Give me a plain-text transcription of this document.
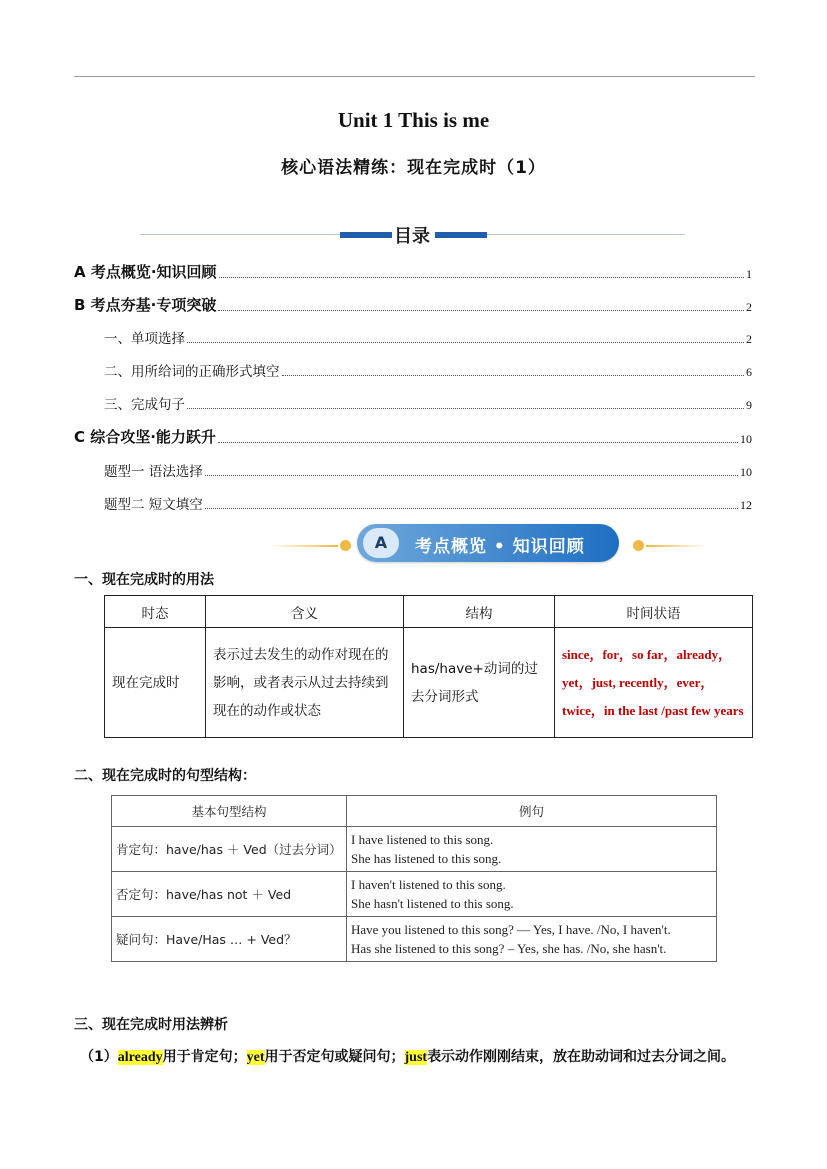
Unit 1 This is me
核心语法精练：现在完成时（1）
目录
A 考点概览·知识回顾	1
B 考点夯基·专项突破	2
一、单项选择	2
二、用所给词的正确形式填空	6
三、完成句子	9
C 综合攻坚·能力跃升	10
题型一 语法选择	10
题型二 短文填空	12
A	考点概览 • 知识回顾
一、现在完成时的用法
时态	含义	结构	时间状语
现在完成时	表示过去发生的动作对现在的影响，或者表示从过去持续到现在的动作或状态	has/have+动词的过去分词形式	since，for，so far，already，yet，just, recently，ever，twice，in the last /past few years
二、现在完成时的句型结构：
基本句型结构	例句
肯定句：have/has ＋ Ved（过去分词）	I have listened to this song.
She has listened to this song.

否定句：have/has not ＋ Ved	I haven't listened to this song.
She hasn't listened to this song.

疑问句：Have/Has … + Ved？	Have you listened to this song? — Yes, I have. /No, I haven't.
Has she listened to this song? – Yes, she has. /No, she hasn't.
三、现在完成时用法辨析
（1）already用于肯定句；yet用于否定句或疑问句；just表示动作刚刚结束，放在助动词和过去分词之间。
